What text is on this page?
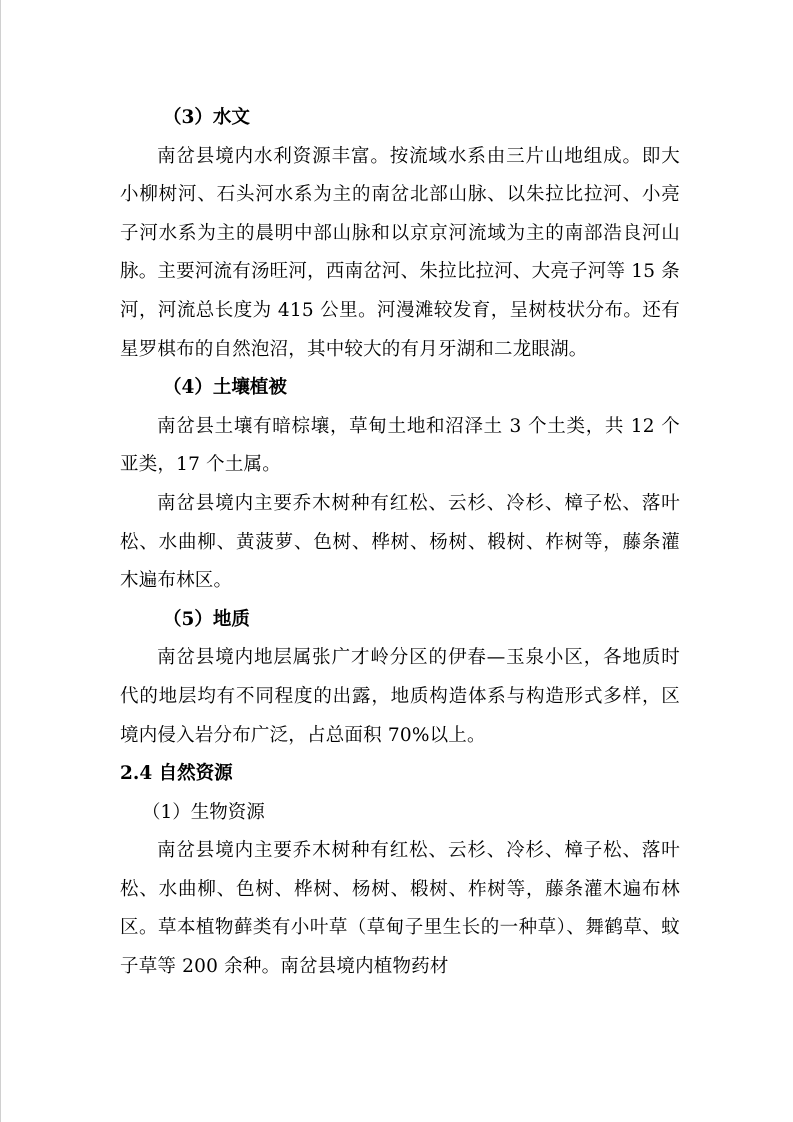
（3）水文

南岔县境内水利资源丰富。按流域水系由三片山地组成。即大小柳树河、石头河水系为主的南岔北部山脉、以朱拉比拉河、小亮子河水系为主的晨明中部山脉和以京京河流域为主的南部浩良河山脉。主要河流有汤旺河，西南岔河、朱拉比拉河、大亮子河等 15 条河，河流总长度为 415 公里。河漫滩较发育，呈树枝状分布。还有星罗棋布的自然泡沼，其中较大的有月牙湖和二龙眼湖。

（4）土壤植被

南岔县土壤有暗棕壤，草甸土地和沼泽土 3 个土类，共 12 个亚类，17 个土属。

南岔县境内主要乔木树种有红松、云杉、冷杉、樟子松、落叶松、水曲柳、黄菠萝、色树、桦树、杨树、椴树、柞树等，藤条灌木遍布林区。

（5）地质

南岔县境内地层属张广才岭分区的伊春—玉泉小区，各地质时代的地层均有不同程度的出露，地质构造体系与构造形式多样，区境内侵入岩分布广泛，占总面积 70%以上。

2.4 自然资源
（1）生物资源

南岔县境内主要乔木树种有红松、云杉、冷杉、樟子松、落叶松、水曲柳、色树、桦树、杨树、椴树、柞树等，藤条灌木遍布林区。草本植物藓类有小叶草（草甸子里生长的一种草）、舞鹤草、蚊子草等 200 余种。南岔县境内植物药材
